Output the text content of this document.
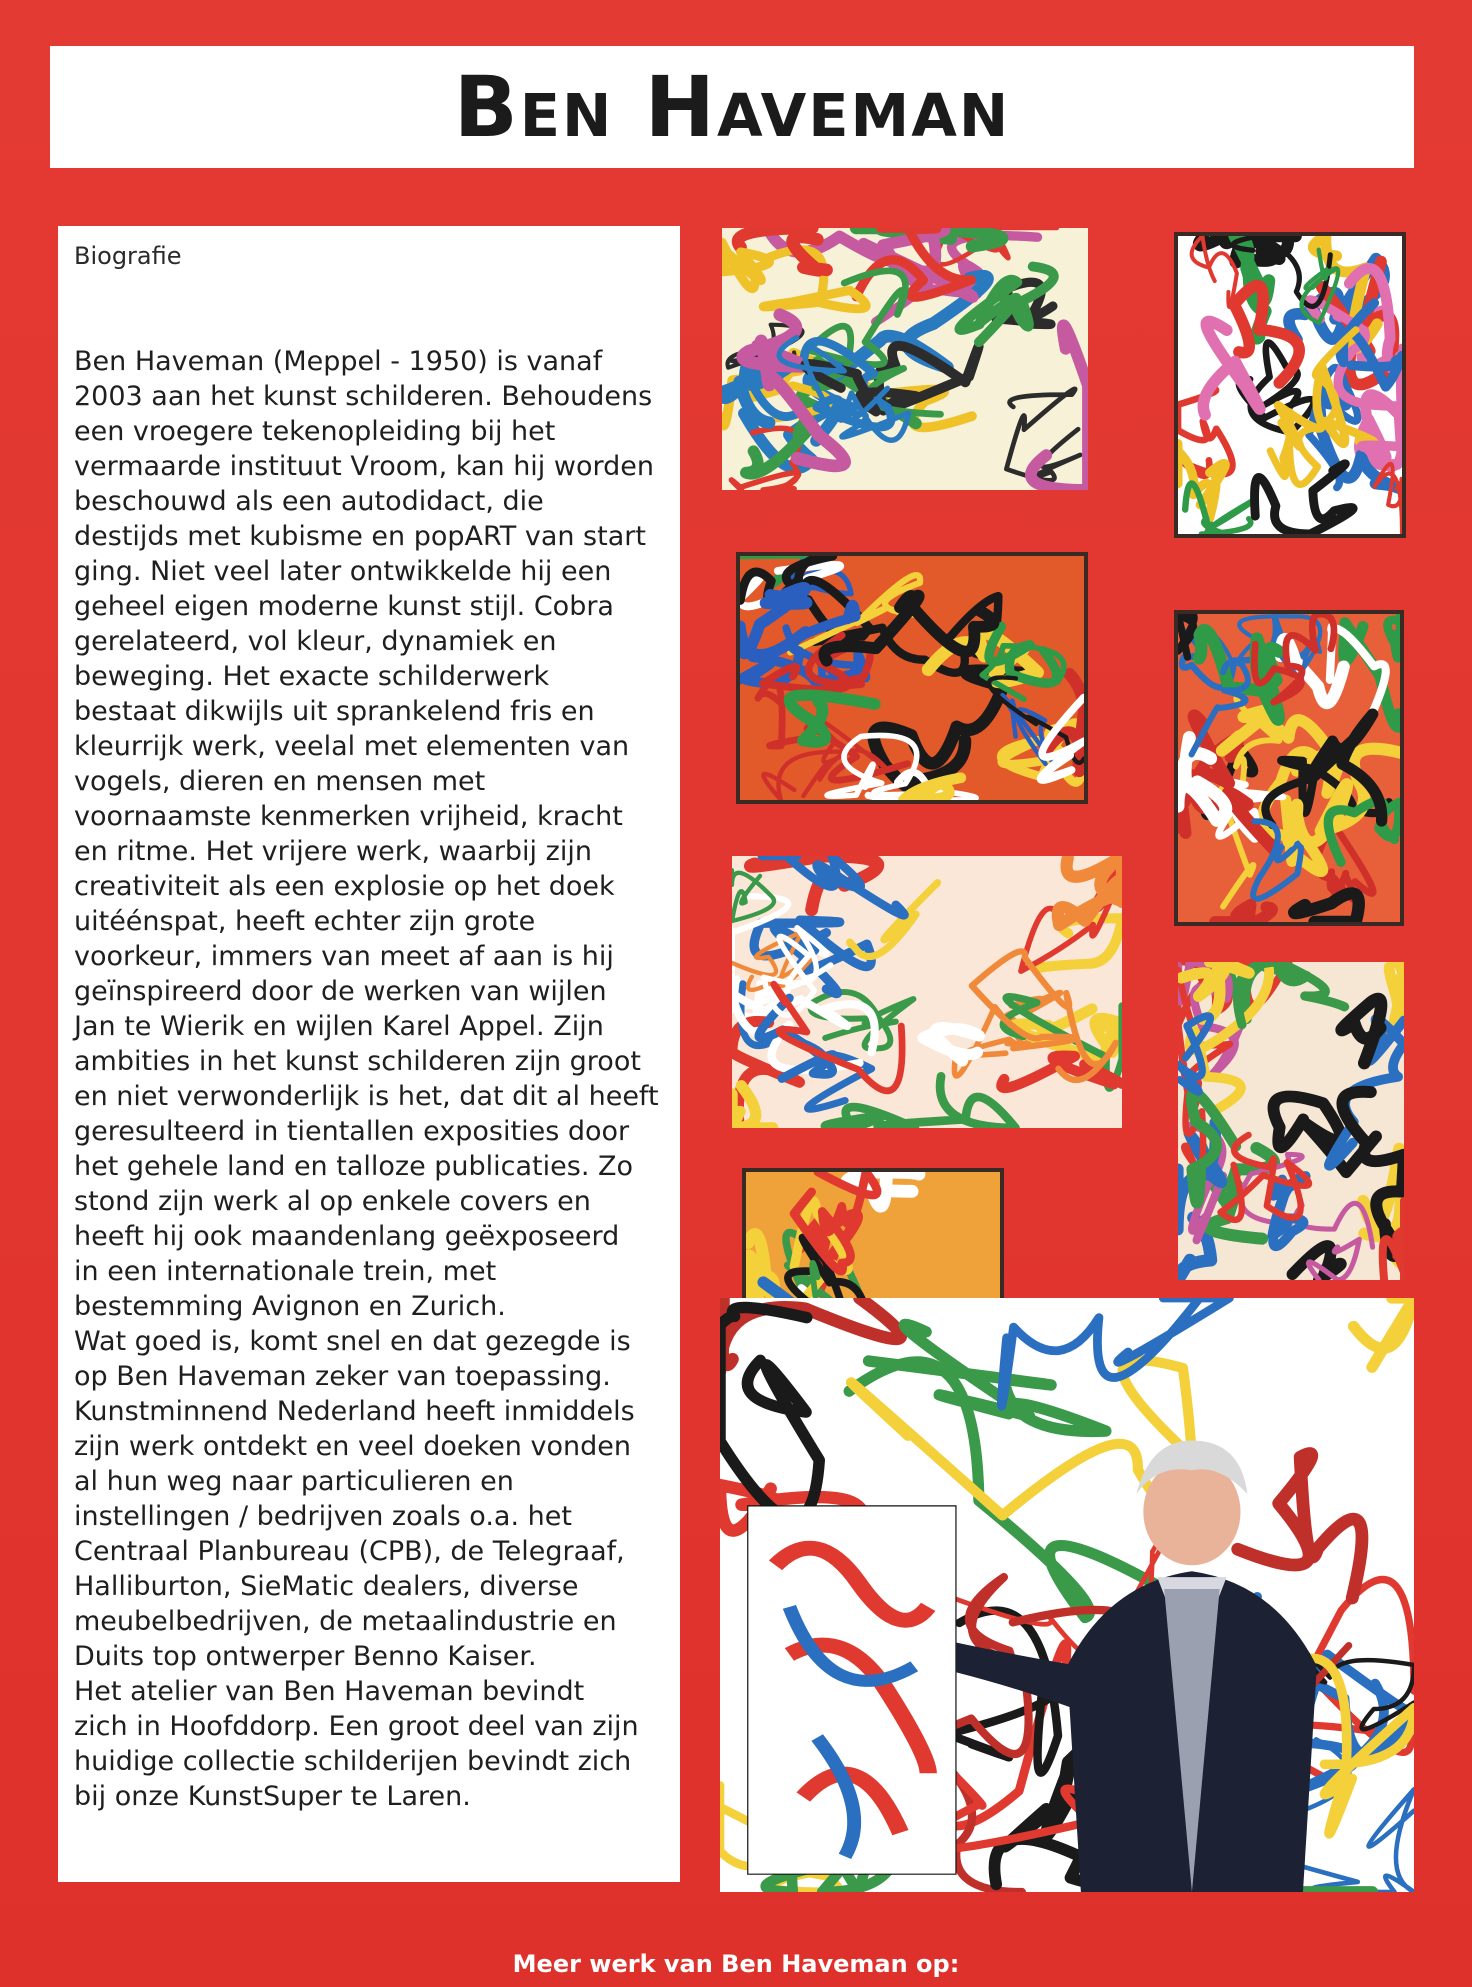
Ben Haveman
Biografie

Ben Haveman (Meppel - 1950) is vanaf
2003 aan het kunst schilderen. Behoudens
een vroegere tekenopleiding bij het
vermaarde instituut Vroom, kan hij worden
beschouwd als een autodidact, die
destijds met kubisme en popART van start
ging. Niet veel later ontwikkelde hij een
geheel eigen moderne kunst stijl. Cobra
gerelateerd, vol kleur, dynamiek en
beweging. Het exacte schilderwerk
bestaat dikwijls uit sprankelend fris en
kleurrijk werk, veelal met elementen van
vogels, dieren en mensen met
voornaamste kenmerken vrijheid, kracht
en ritme. Het vrijere werk, waarbij zijn
creativiteit als een explosie op het doek
uitéénspat, heeft echter zijn grote
voorkeur, immers van meet af aan is hij
geïnspireerd door de werken van wijlen
Jan te Wierik en wijlen Karel Appel. Zijn
ambities in het kunst schilderen zijn groot
en niet verwonderlijk is het, dat dit al heeft
geresulteerd in tientallen exposities door
het gehele land en talloze publicaties. Zo
stond zijn werk al op enkele covers en
heeft hij ook maandenlang geëxposeerd
in een internationale trein, met
bestemming Avignon en Zurich.
Wat goed is, komt snel en dat gezegde is
op Ben Haveman zeker van toepassing.
Kunstminnend Nederland heeft inmiddels
zijn werk ontdekt en veel doeken vonden
al hun weg naar particulieren en
instellingen / bedrijven zoals o.a. het
Centraal Planbureau (CPB), de Telegraaf,
Halliburton, SieMatic dealers, diverse
meubelbedrijven, de metaalindustrie en
Duits top ontwerper Benno Kaiser.
Het atelier van Ben Haveman bevindt
zich in Hoofddorp. Een groot deel van zijn
huidige collectie schilderijen bevindt zich
bij onze KunstSuper te Laren.

Meer werk van Ben Haveman op:
